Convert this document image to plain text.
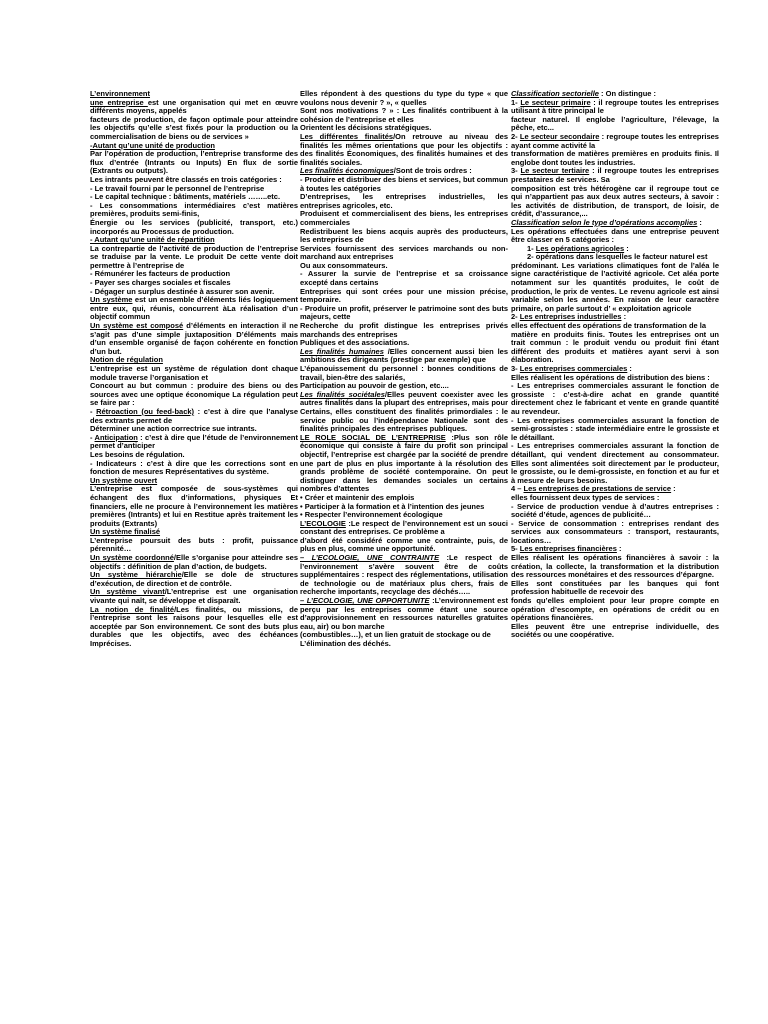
L’environnement

une entreprise est une organisation qui met en œuvre différents moyens, appelés

facteurs de production, de façon optimale pour atteindre les objectifs qu’elle s’est fixés pour la production ou la commercialisation de biens ou de services »

-Autant qu’une unité de production

Par l’opération de production, l’entreprise transforme des flux d’entrée (Intrants ou Inputs) En flux de sortie (Extrants ou outputs).

Les intrants peuvent être classés en trois catégories :

- Le travail fourni par le personnel de l’entreprise

- Le capital technique : bâtiments, matériels ……..etc.

- Les consommations intermédiaires c’est matières premières, produits semi-finis,

Énergie ou les services (publicité, transport, etc.) incorporés au Processus de production.

- Autant qu’une unité de répartition

La contrepartie de l’activité de production de l’entreprise se traduise par la vente. Le produit De cette vente doit permettre à l’entreprise de

- Rémunérer les facteurs de production

- Payer ses charges sociales et fiscales

- Dégager un surplus destinée à assurer son avenir.

Un système est un ensemble d’éléments liés logiquement entre eux, qui, réunis, concurrent àLa réalisation d’un objectif commun

Un système est composé d’éléments en interaction il ne s’agit pas d’une simple juxtaposition D’éléments mais d’un ensemble organisé de façon cohérente en fonction d’un but.

Notion de régulation

L’entreprise est un système de régulation dont chaque module traverse l’organisation et

Concourt au but commun : produire des biens ou des sources avec une optique économique La régulation peut se faire par :

- Rétroaction (ou feed-back) : c’est à dire que l’analyse des extrants permet de

Déterminer une action correctrice sue intrants.

- Anticipation : c’est à dire que l’étude de l’environnement permet d’anticiper

Les besoins de régulation.

- Indicateurs : c’est à dire que les corrections sont en fonction de mesures Représentatives du système.

Un système ouvert

L’entreprise est composée de sous-systèmes qui échangent des flux d’informations, physiques Et financiers, elle ne procure à l’environnement les matières premières (Intrants) et lui en Restitue après traitement les produits (Extrants)

Un système finalisé

L’entreprise poursuit des buts : profit, puissance pérennité…

Un système coordonné/Elle s’organise pour atteindre ses objectifs : définition de plan d’action, de budgets.

Un système hiérarchie/Elle se dole de structures d’exécution, de direction et de contrôle.

Un système vivant/L’entreprise est une organisation vivante qui naît, se développe et disparaît.

La notion de finalité/Les finalités, ou missions, de l’entreprise sont les raisons pour lesquelles elle est acceptée par Son environnement. Ce sont des buts plus durables que les objectifs, avec des échéances Imprécises.

Elles répondent à des questions du type du type « que voulons nous devenir ? », « quelles

Sont nos motivations ? » : Les finalités contribuent à la cohésion de l’entreprise et elles

Orientent les décisions stratégiques.

Les différentes finalités/On retrouve au niveau des finalités les mêmes orientations que pour les objectifs : des finalités Économiques, des finalités humaines et des finalités sociales.

Les finalités économiques/Sont de trois ordres :

- Produire et distribuer des biens et services, but commun à toutes les catégories

D’entreprises, les entreprises industrielles, les entreprises agricoles, etc.

Produisent et commercialisent des biens, les entreprises commerciales

Redistribuent les biens acquis auprès des producteurs, les entreprises de

Services fournissent des services marchands ou non-marchand aux entreprises

Ou aux consommateurs.

- Assurer la survie de l’entreprise et sa croissance excepté dans certains

Entreprises qui sont crées pour une mission précise, temporaire.

- Produire un profit, préserver le patrimoine sont des buts majeurs, cette

Recherche du profit distingue les entreprises privés marchands des entreprises

Publiques et des associations.

Les finalités humaines /Elles concernent aussi bien les ambitions des dirigeants (prestige par exemple) que

L’épanouissement du personnel : bonnes conditions de travail, bien-être des salariés,

Participation au pouvoir de gestion, etc....

Les finalités sociétales/Elles peuvent coexister avec les autres finalités dans la plupart des entreprises, mais pour Certains, elles constituent des finalités primordiales : le service public ou l’indépendance Nationale sont des finalités principales des entreprises publiques.

LE ROLE SOCIAL DE L’ENTREPRISE :Plus son rôle économique qui consiste à faire du profit son principal objectif, l’entreprise est chargée par la société de prendre une part de plus en plus importante à la résolution des grands problème de société contemporaine. On peut distinguer dans les demandes sociales un certains nombres d’attentes

• Créer et maintenir des emplois

• Participer à la formation et à l’intention des jeunes

• Respecter l’environnement écologique

L’ECOLOGIE :Le respect de l’environnement est un souci constant des entreprises. Ce problème a

d’abord été considéré comme une contrainte, puis, de plus en plus, comme une opportunité.

– L’ECOLOGIE, UNE CONTRAINTE :Le respect de l’environnement s’avère souvent être de coûts supplémentaires : respect des réglementations, utilisation de technologie ou de matériaux plus chers, frais de recherche importants, recyclage des déchés…..

– L’ECOLOGIE, UNE OPPORTUNITE :L’environnement est perçu par les entreprises comme étant une source d’approvisionnement en ressources naturelles gratuites eau, air) ou bon marche

(combustibles…), et un lien gratuit de stockage ou de

L’élimination des déchés.

Classification sectorielle : On distingue :

1- Le secteur primaire : il regroupe toutes les entreprises utilisant à titre principal le

facteur naturel. Il englobe l’agriculture, l’élevage, la pêche, etc...

2- Le secteur secondaire : regroupe toutes les entreprises ayant comme activité la

transformation de matières premières en produits finis. Il englobe dont toutes les industries.

3- Le secteur tertiaire : il regroupe toutes les entreprises prestataires de services. Sa

composition est très hétérogène car il regroupe tout ce qui n’appartient pas aux deux autres secteurs, à savoir : les activités de distribution, de transport, de loisir, de crédit, d’assurance,...

Classification selon le type d’opérations accomplies :

Les opérations effectuées dans une entreprise peuvent être classer en 5 catégories :

1- Les opérations agricoles :

2- opérations dans lesquelles le facteur naturel est

prédominant. Les variations climatiques font de l’aléa le signe caractéristique de l’activité agricole. Cet aléa porte notamment sur les quantités produites, le coût de production, le prix de ventes. Le revenu agricole est ainsi variable selon les années. En raison de leur caractère primaire, on parle surtout d’ « exploitation agricole

2- Les entreprises industrielles :

elles effectuent des opérations de transformation de la

matière en produits finis. Toutes les entreprises ont un trait commun : le produit vendu ou produit fini étant différent des produits et matières ayant servi à son élaboration.

3- Les entreprises commerciales :

Elles réalisent les opérations de distribution des biens :

- Les entreprises commerciales assurant le fonction de grossiste : c’est-à-dire achat en grande quantité directement chez le fabricant et vente en grande quantité au revendeur.

- Les entreprises commerciales assurant la fonction de semi-grossistes : stade intermédiaire entre le grossiste et le détaillant.

- Les entreprises commerciales assurant la fonction de détaillant, qui vendent directement au consommateur. Elles sont alimentées soit directement par le producteur, le grossiste, ou le demi-grossiste, en fonction et au fur et à mesure de leurs besoins.

4 – Les entreprises de prestations de service :

elles fournissent deux types de services :

- Service de production vendue à d’autres entreprises : société d’étude, agences de publicité…

- Service de consommation : entreprises rendant des services aux consommateurs : transport, restaurants, locations…

5- Les entreprises financières :

Elles réalisent les opérations financières à savoir : la création, la collecte, la transformation et la distribution des ressources monétaires et des ressources d’épargne.

Elles sont constituées par les banques qui font profession habituelle de recevoir des

fonds qu’elles emploient pour leur propre compte en opération d’escompte, en opérations de crédit ou en opérations financières.

Elles peuvent être une entreprise individuelle, des sociétés ou une coopérative.
